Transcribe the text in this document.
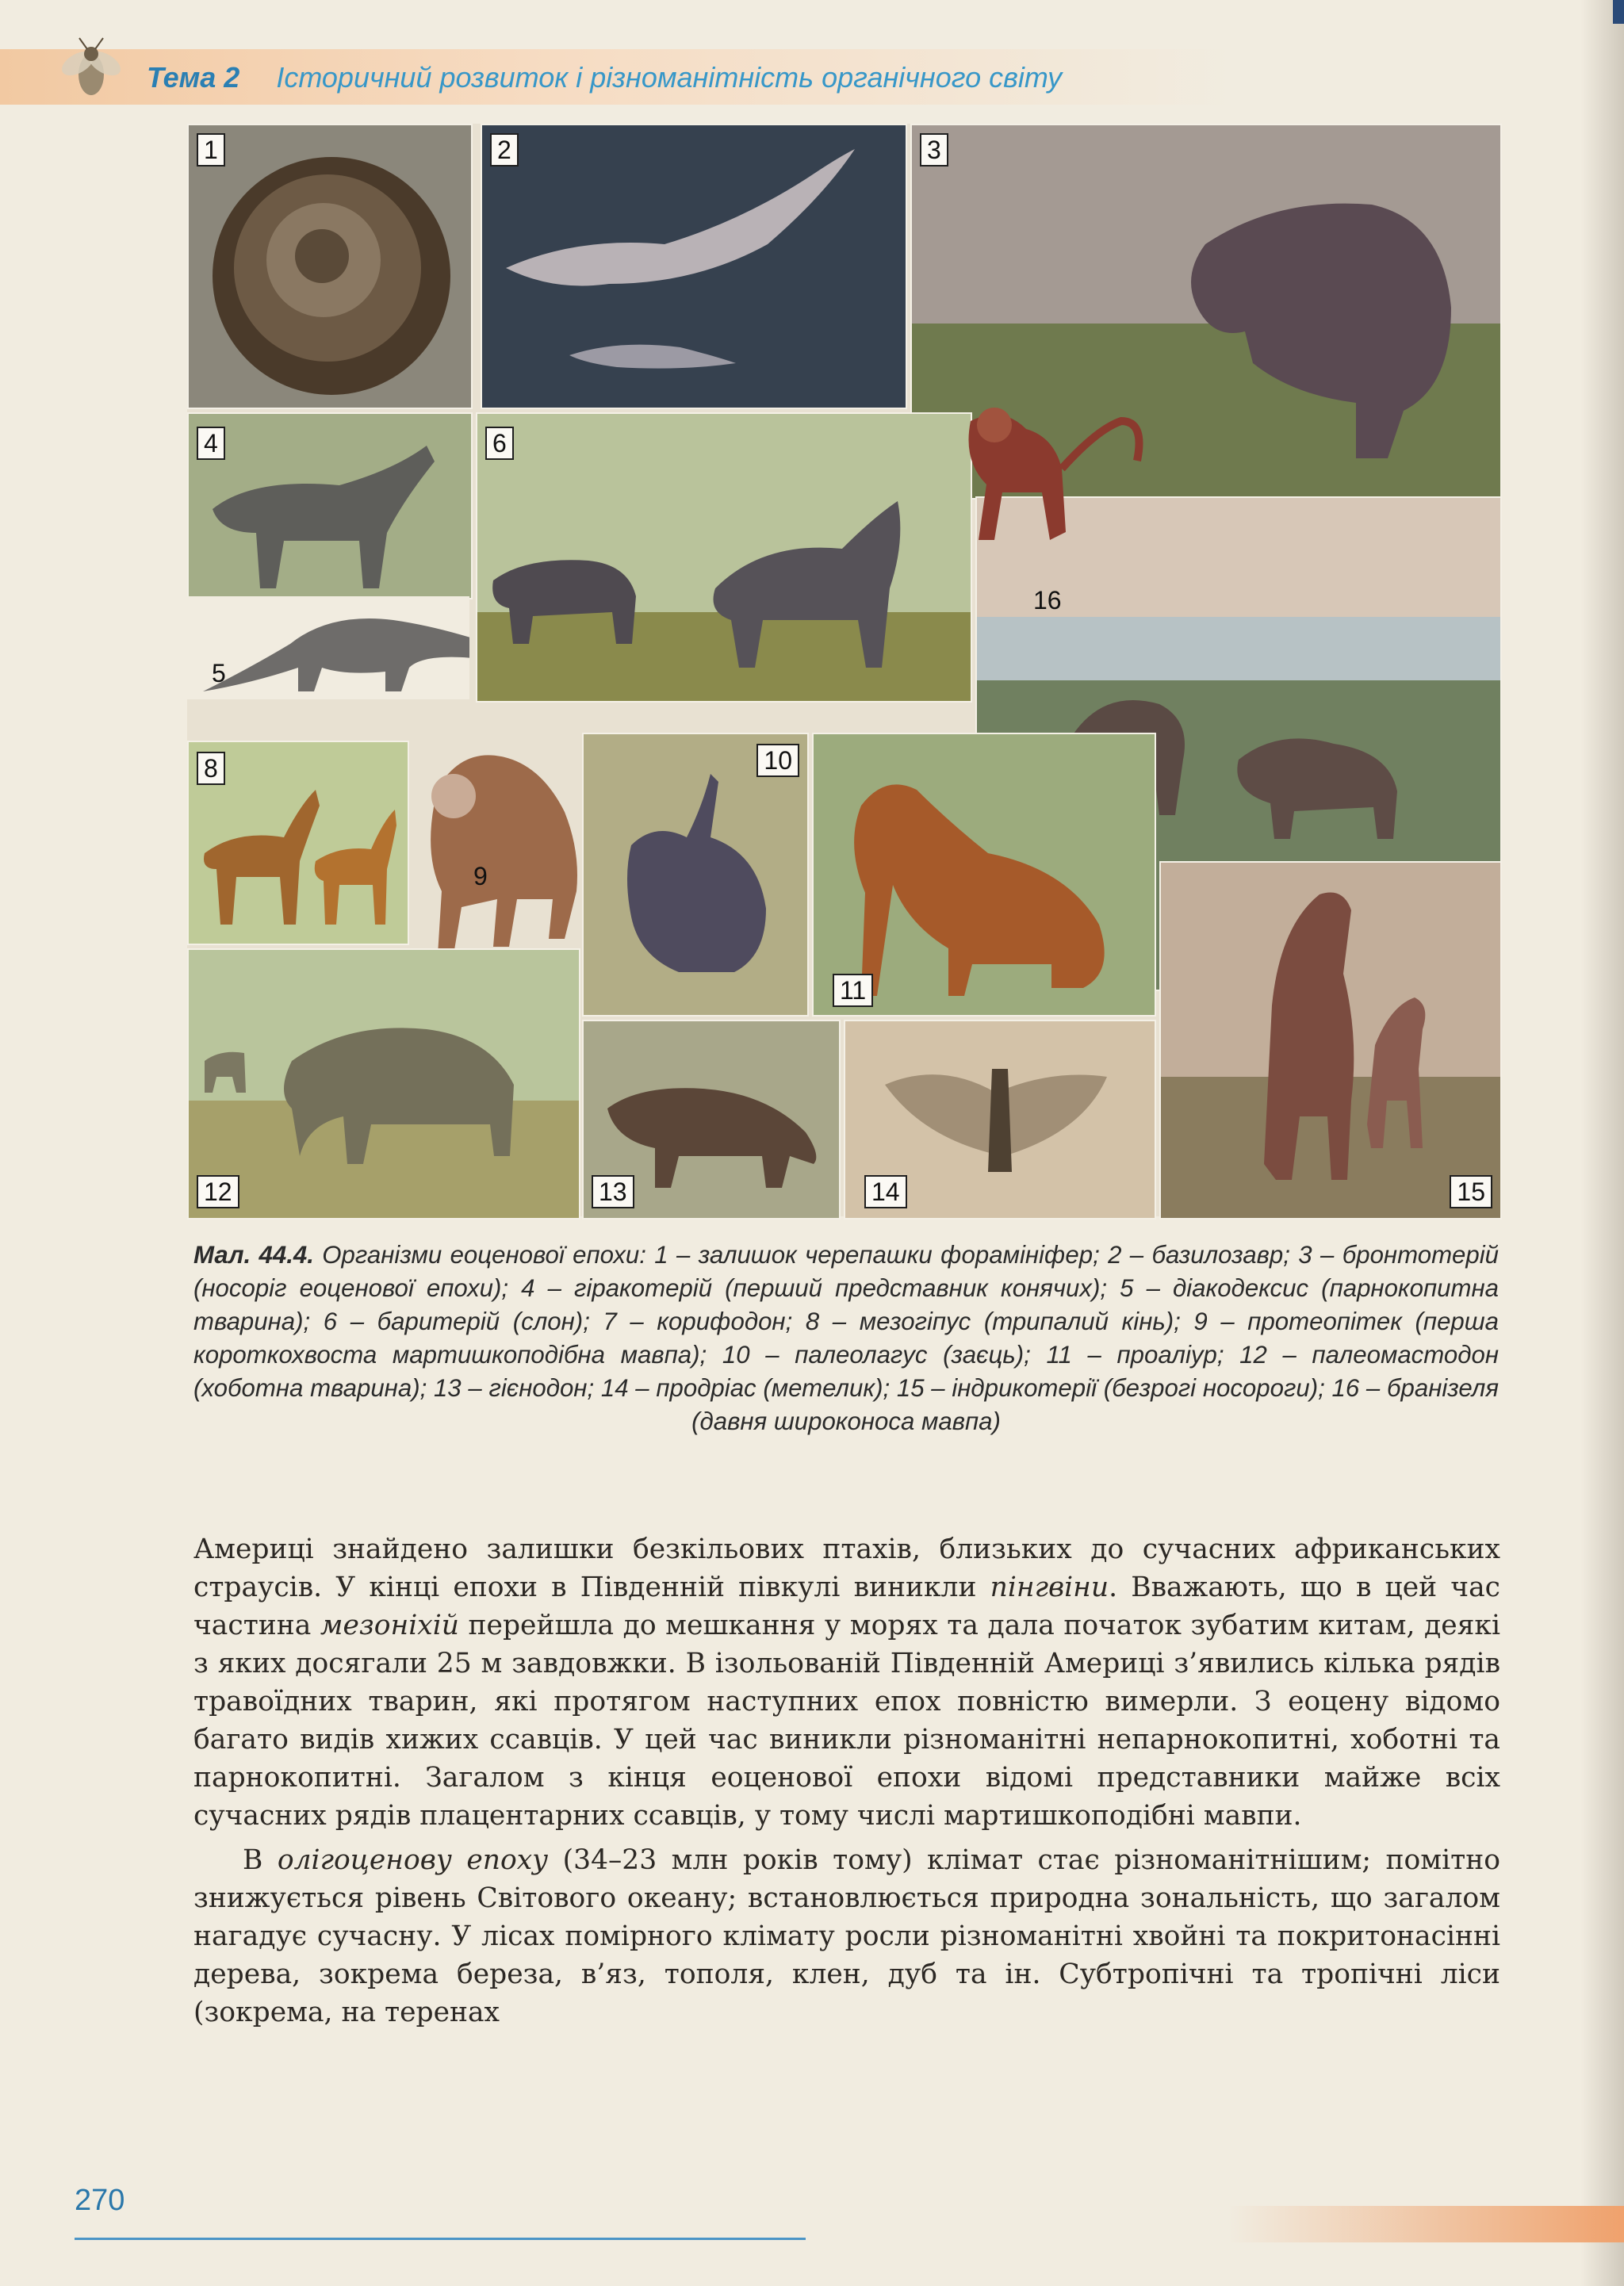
Тема 2 Історичний розвиток і різноманітність органічного світу
1	2	3
4
5
6
16
8
9
10
11
12	13	14	15
Мал. 44.4. Організми еоценової епохи: 1 – залишок черепашки форамініфер; 2 – базилозавр; 3 – бронтотерій (носоріг еоценової епохи); 4 – гіракотерій (перший представник конячих); 5 – діакодексис (парнокопитна тварина); 6 – баритерій (слон); 7 – корифодон; 8 – мезогіпус (трипалий кінь); 9 – протеопітек (перша короткохвоста мартишкоподібна мавпа); 10 – палеолагус (заєць); 11 – проаліур; 12 – палеомастодон (хоботна тварина); 13 – гієнодон; 14 – продріас (метелик); 15 – індрикотерії (безрогі носороги); 16 – бранізеля (давня широконоса мавпа)

Америці знайдено залишки безкільових птахів, близьких до сучасних африканських страусів. У кінці епохи в Південній півкулі виникли пінгвіни. Вважають, що в цей час частина мезоніхій перейшла до мешкання у морях та дала початок зубатим китам, деякі з яких досягали 25 м завдовжки. В ізольованій Південній Америці з’явились кілька рядів травоїдних тварин, які протягом наступних епох повністю вимерли. З еоцену відомо багато видів хижих ссавців. У цей час виникли різноманітні непарнокопитні, хоботні та парнокопитні. Загалом з кінця еоценової епохи відомі представники майже всіх сучасних рядів плацентарних ссавців, у тому числі мартишкоподібні мавпи.

В олігоценову епоху (34–23 млн років тому) клімат стає різноманітнішим; помітно знижується рівень Світового океану; встановлюється природна зональність, що загалом нагадує сучасну. У лісах помірного клімату росли різноманітні хвойні та покритонасінні дерева, зокрема береза, в’яз, тополя, клен, дуб та ін. Субтропічні та тропічні ліси (зокрема, на теренах

270
